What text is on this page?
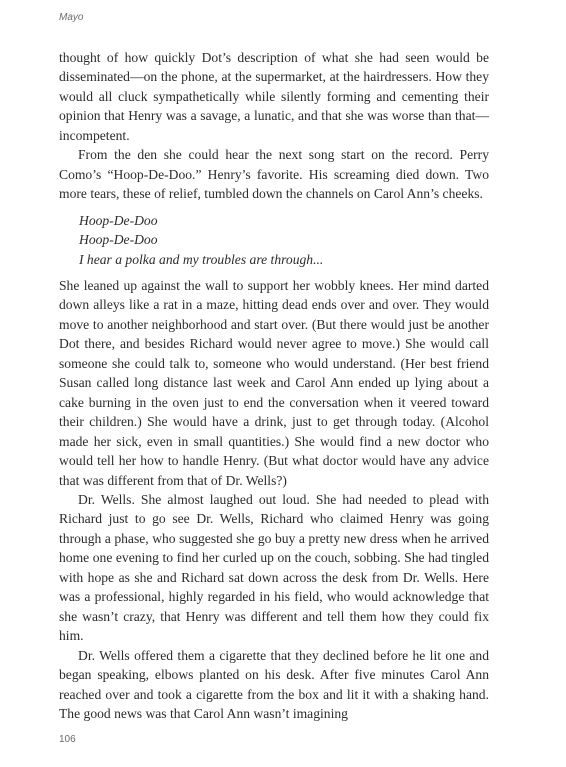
Mayo

thought of how quickly Dot’s description of what she had seen would be disseminated—on the phone, at the supermarket, at the hairdressers. How they would all cluck sympathetically while silently forming and cementing their opinion that Henry was a savage, a lunatic, and that she was worse than that—incompetent.

From the den she could hear the next song start on the record. Perry Como’s “Hoop-De-Doo.” Henry’s favorite. His screaming died down. Two more tears, these of relief, tumbled down the channels on Carol Ann’s cheeks.

Hoop-De-Doo
Hoop-De-Doo
I hear a polka and my troubles are through...

She leaned up against the wall to support her wobbly knees. Her mind darted down alleys like a rat in a maze, hitting dead ends over and over. They would move to another neighborhood and start over. (But there would just be another Dot there, and besides Richard would never agree to move.) She would call someone she could talk to, someone who would understand. (Her best friend Susan called long distance last week and Carol Ann ended up lying about a cake burning in the oven just to end the conversation when it veered toward their children.) She would have a drink, just to get through today. (Alcohol made her sick, even in small quantities.) She would find a new doctor who would tell her how to handle Henry. (But what doctor would have any advice that was different from that of Dr. Wells?)

Dr. Wells. She almost laughed out loud. She had needed to plead with Richard just to go see Dr. Wells, Richard who claimed Henry was going through a phase, who suggested she go buy a pretty new dress when he arrived home one evening to find her curled up on the couch, sobbing. She had tingled with hope as she and Richard sat down across the desk from Dr. Wells. Here was a professional, highly regarded in his field, who would acknowledge that she wasn’t crazy, that Henry was different and tell them how they could fix him.

Dr. Wells offered them a cigarette that they declined before he lit one and began speaking, elbows planted on his desk. After five minutes Carol Ann reached over and took a cigarette from the box and lit it with a shaking hand. The good news was that Carol Ann wasn’t imagining

106
